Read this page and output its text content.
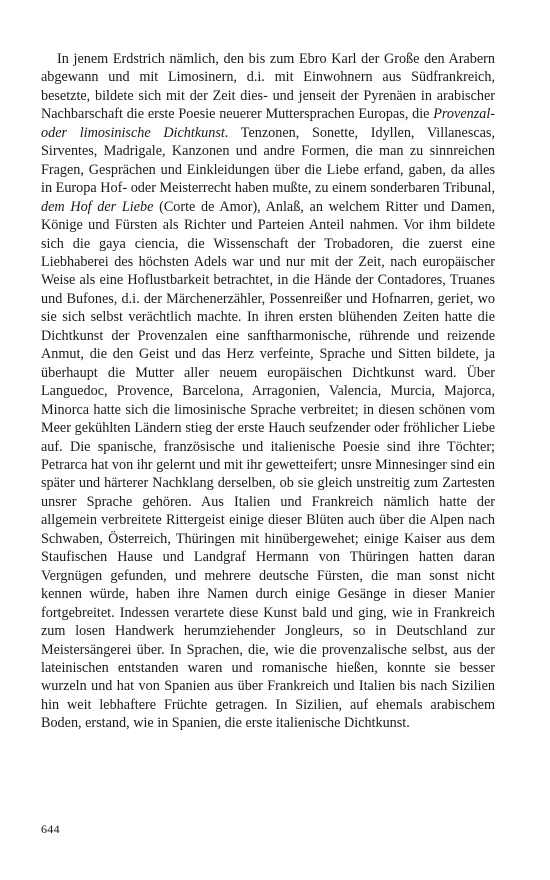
In jenem Erdstrich nämlich, den bis zum Ebro Karl der Große den Arabern abgewann und mit Limosinern, d.i. mit Einwohnern aus Südfrankreich, besetzte, bildete sich mit der Zeit dies- und jenseit der Pyrenäen in arabischer Nachbarschaft die erste Poesie neuerer Muttersprachen Europas, die Provenzal- oder limosinische Dichtkunst. Tenzonen, Sonette, Idyllen, Villanescas, Sirventes, Madrigale, Kanzonen und andre Formen, die man zu sinnreichen Fragen, Gesprächen und Einkleidungen über die Liebe erfand, gaben, da alles in Europa Hof- oder Meisterrecht haben mußte, zu einem sonderbaren Tribunal, dem Hof der Liebe (Corte de Amor), Anlaß, an welchem Ritter und Damen, Könige und Fürsten als Richter und Parteien Anteil nahmen. Vor ihm bildete sich die gaya ciencia, die Wissenschaft der Trobadoren, die zuerst eine Liebhaberei des höchsten Adels war und nur mit der Zeit, nach europäischer Weise als eine Hoflustbarkeit betrachtet, in die Hände der Contadores, Truanes und Bufones, d.i. der Märchenerzähler, Possenreißer und Hofnarren, geriet, wo sie sich selbst verächtlich machte. In ihren ersten blühenden Zeiten hatte die Dichtkunst der Provenzalen eine sanftharmonische, rührende und reizende Anmut, die den Geist und das Herz verfeinte, Sprache und Sitten bildete, ja überhaupt die Mutter aller neuem europäischen Dichtkunst ward. Über Languedoc, Provence, Barcelona, Arragonien, Valencia, Murcia, Majorca, Minorca hatte sich die limosinische Sprache verbreitet; in diesen schönen vom Meer gekühlten Ländern stieg der erste Hauch seufzender oder fröhlicher Liebe auf. Die spanische, französische und italienische Poesie sind ihre Töchter; Petrarca hat von ihr gelernt und mit ihr gewetteifert; unsre Minnesinger sind ein später und härterer Nachklang derselben, ob sie gleich unstreitig zum Zartesten unsrer Sprache gehören. Aus Italien und Frankreich nämlich hatte der allgemein verbreitete Rittergeist einige dieser Blüten auch über die Alpen nach Schwaben, Österreich, Thüringen mit hinübergewehet; einige Kaiser aus dem Staufischen Hause und Landgraf Hermann von Thüringen hatten daran Vergnügen gefunden, und mehrere deutsche Fürsten, die man sonst nicht kennen würde, haben ihre Namen durch einige Gesänge in dieser Manier fortgebreitet. Indessen verartete diese Kunst bald und ging, wie in Frankreich zum losen Handwerk herumziehender Jongleurs, so in Deutschland zur Meistersängerei über. In Sprachen, die, wie die provenzalische selbst, aus der lateinischen entstanden waren und romanische hießen, konnte sie besser wurzeln und hat von Spanien aus über Frankreich und Italien bis nach Sizilien hin weit lebhaftere Früchte getragen. In Sizilien, auf ehemals arabischem Boden, erstand, wie in Spanien, die erste italienische Dichtkunst.

644
